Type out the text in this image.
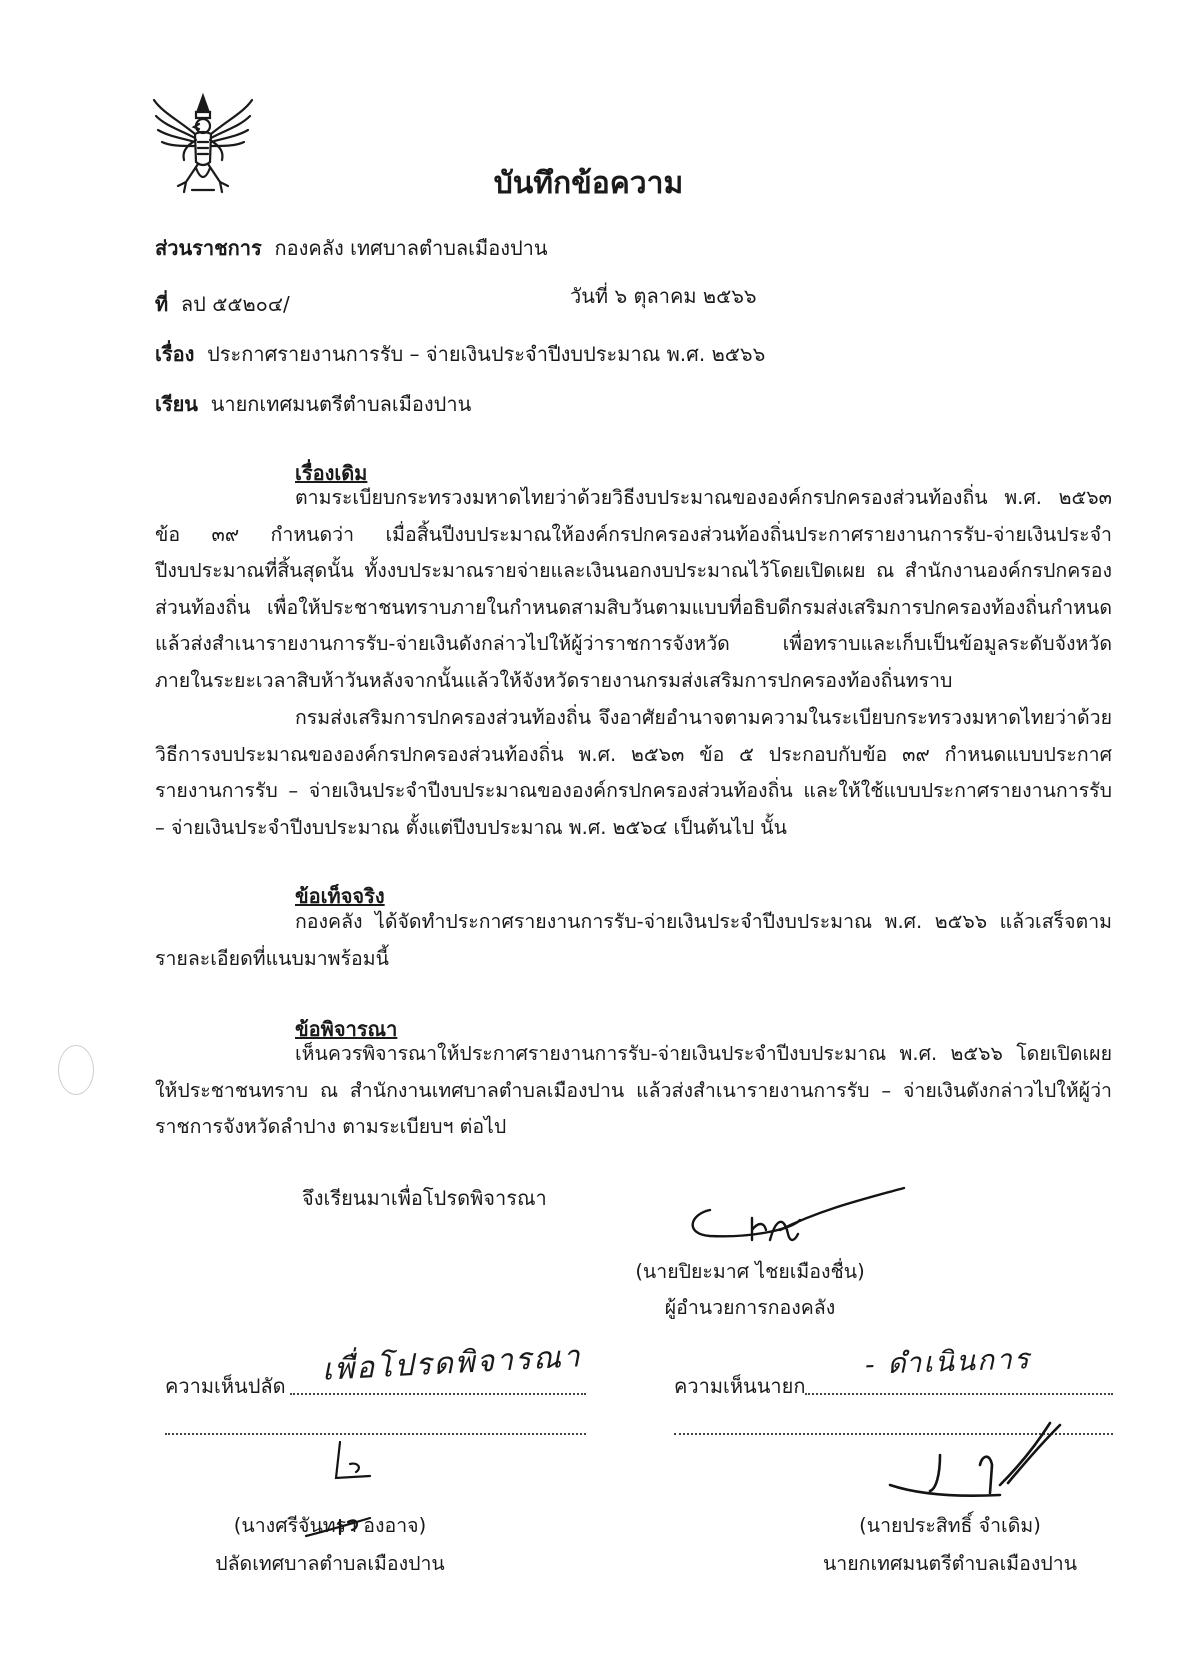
บันทึกข้อความ
ส่วนราชการ กองคลัง เทศบาลตำบลเมืองปาน
ที่ ลป ๕๕๒๐๔/	วันที่ ๖ ตุลาคม ๒๕๖๖
เรื่อง ประกาศรายงานการรับ – จ่ายเงินประจำปีงบประมาณ พ.ศ. ๒๕๖๖
เรียน นายกเทศมนตรีตำบลเมืองปาน
เรื่องเดิม
ตามระเบียบกระทรวงมหาดไทยว่าด้วยวิธีงบประมาณขององค์กรปกครองส่วนท้องถิ่น พ.ศ. ๒๕๖๓ ข้อ ๓๙ กำหนดว่า เมื่อสิ้นปีงบประมาณให้องค์กรปกครองส่วนท้องถิ่นประกาศรายงานการรับ-จ่ายเงินประจำปีงบประมาณที่สิ้นสุดนั้น ทั้งงบประมาณรายจ่ายและเงินนอกงบประมาณไว้โดยเปิดเผย ณ สำนักงานองค์กรปกครองส่วนท้องถิ่น เพื่อให้ประชาชนทราบภายในกำหนดสามสิบวันตามแบบที่อธิบดีกรมส่งเสริมการปกครองท้องถิ่นกำหนด แล้วส่งสำเนารายงานการรับ-จ่ายเงินดังกล่าวไปให้ผู้ว่าราชการจังหวัด เพื่อทราบและเก็บเป็นข้อมูลระดับจังหวัดภายในระยะเวลาสิบห้าวันหลังจากนั้นแล้วให้จังหวัดรายงานกรมส่งเสริมการปกครองท้องถิ่นทราบ
กรมส่งเสริมการปกครองส่วนท้องถิ่น จึงอาศัยอำนาจตามความในระเบียบกระทรวงมหาดไทยว่าด้วยวิธีการงบประมาณขององค์กรปกครองส่วนท้องถิ่น พ.ศ. ๒๕๖๓ ข้อ ๕ ประกอบกับข้อ ๓๙ กำหนดแบบประกาศรายงานการรับ – จ่ายเงินประจำปีงบประมาณขององค์กรปกครองส่วนท้องถิ่น และให้ใช้แบบประกาศรายงานการรับ – จ่ายเงินประจำปีงบประมาณ ตั้งแต่ปีงบประมาณ พ.ศ. ๒๕๖๔ เป็นต้นไป นั้น
ข้อเท็จจริง
กองคลัง ได้จัดทำประกาศรายงานการรับ-จ่ายเงินประจำปีงบประมาณ พ.ศ. ๒๕๖๖ แล้วเสร็จตามรายละเอียดที่แนบมาพร้อมนี้
ข้อพิจารณา
เห็นควรพิจารณาให้ประกาศรายงานการรับ-จ่ายเงินประจำปีงบประมาณ พ.ศ. ๒๕๖๖ โดยเปิดเผยให้ประชาชนทราบ ณ สำนักงานเทศบาลตำบลเมืองปาน แล้วส่งสำเนารายงานการรับ – จ่ายเงินดังกล่าวไปให้ผู้ว่าราชการจังหวัดลำปาง ตามระเบียบฯ ต่อไป
จึงเรียนมาเพื่อโปรดพิจารณา
(นายปิยะมาศ ไชยเมืองชื่น)
ผู้อำนวยการกองคลัง
ความเห็นปลัด เพื่อโปรดพิจารณา
(นางศรีจันทรา องอาจ)
ปลัดเทศบาลตำบลเมืองปาน
ความเห็นนายก
- ดำเนินการ
(นายประสิทธิ์ จำเดิม)
นายกเทศมนตรีตำบลเมืองปาน
